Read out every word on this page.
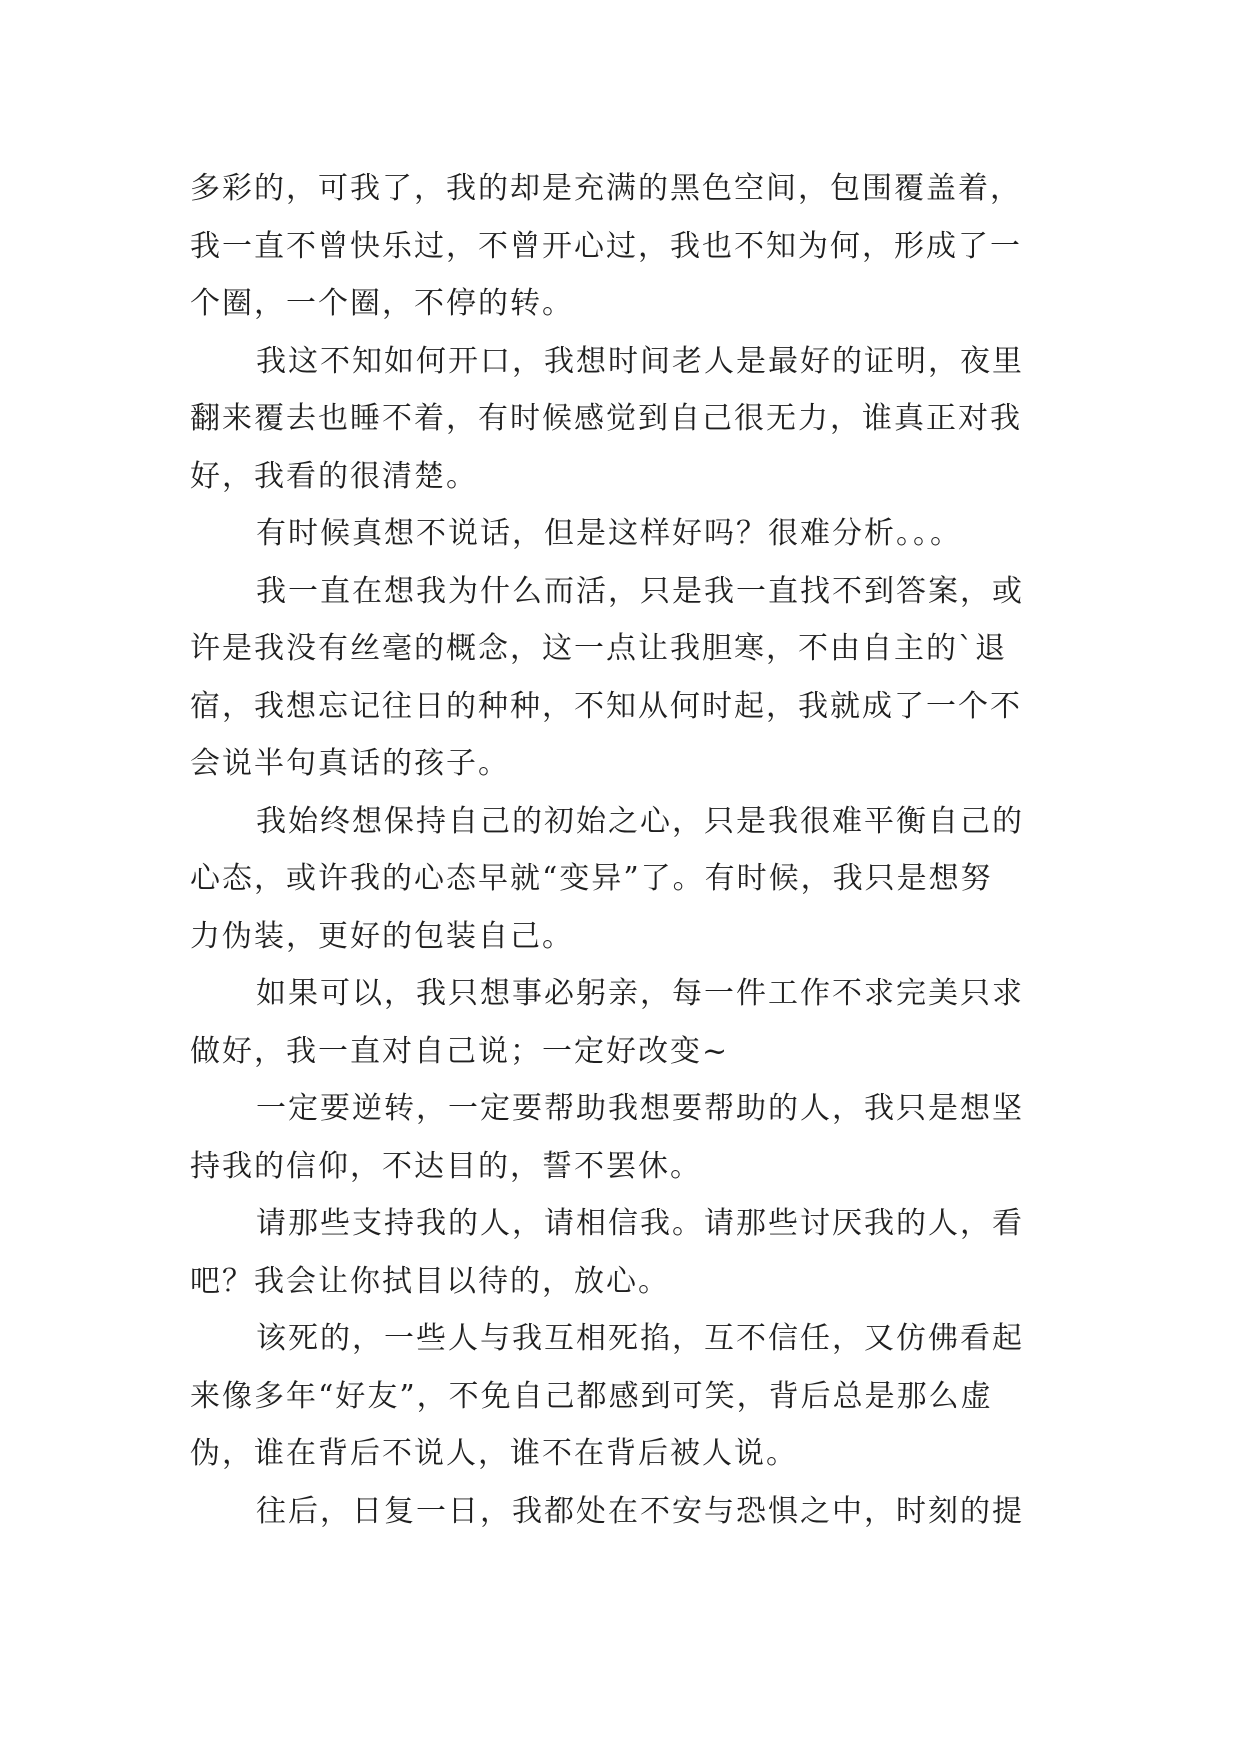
多彩的，可我了，我的却是充满的黑色空间，包围覆盖着，
我一直不曾快乐过，不曾开心过，我也不知为何，形成了一
个圈，一个圈，不停的转。

我这不知如何开口，我想时间老人是最好的证明，夜里
翻来覆去也睡不着，有时候感觉到自己很无力，谁真正对我
好，我看的很清楚。

有时候真想不说话，但是这样好吗？很难分析。。。

我一直在想我为什么而活，只是我一直找不到答案，或
许是我没有丝毫的概念，这一点让我胆寒，不由自主的`退
宿，我想忘记往日的种种，不知从何时起，我就成了一个不
会说半句真话的孩子。

我始终想保持自己的初始之心，只是我很难平衡自己的
心态，或许我的心态早就“变异”了。有时候，我只是想努
力伪装，更好的包装自己。

如果可以，我只想事必躬亲，每一件工作不求完美只求
做好，我一直对自己说；一定好改变~

一定要逆转，一定要帮助我想要帮助的人，我只是想坚
持我的信仰，不达目的，誓不罢休。

请那些支持我的人，请相信我。请那些讨厌我的人，看
吧？我会让你拭目以待的，放心。

该死的，一些人与我互相死掐，互不信任，又仿佛看起
来像多年“好友”，不免自己都感到可笑，背后总是那么虚
伪，谁在背后不说人，谁不在背后被人说。

往后，日复一日，我都处在不安与恐惧之中，时刻的提
